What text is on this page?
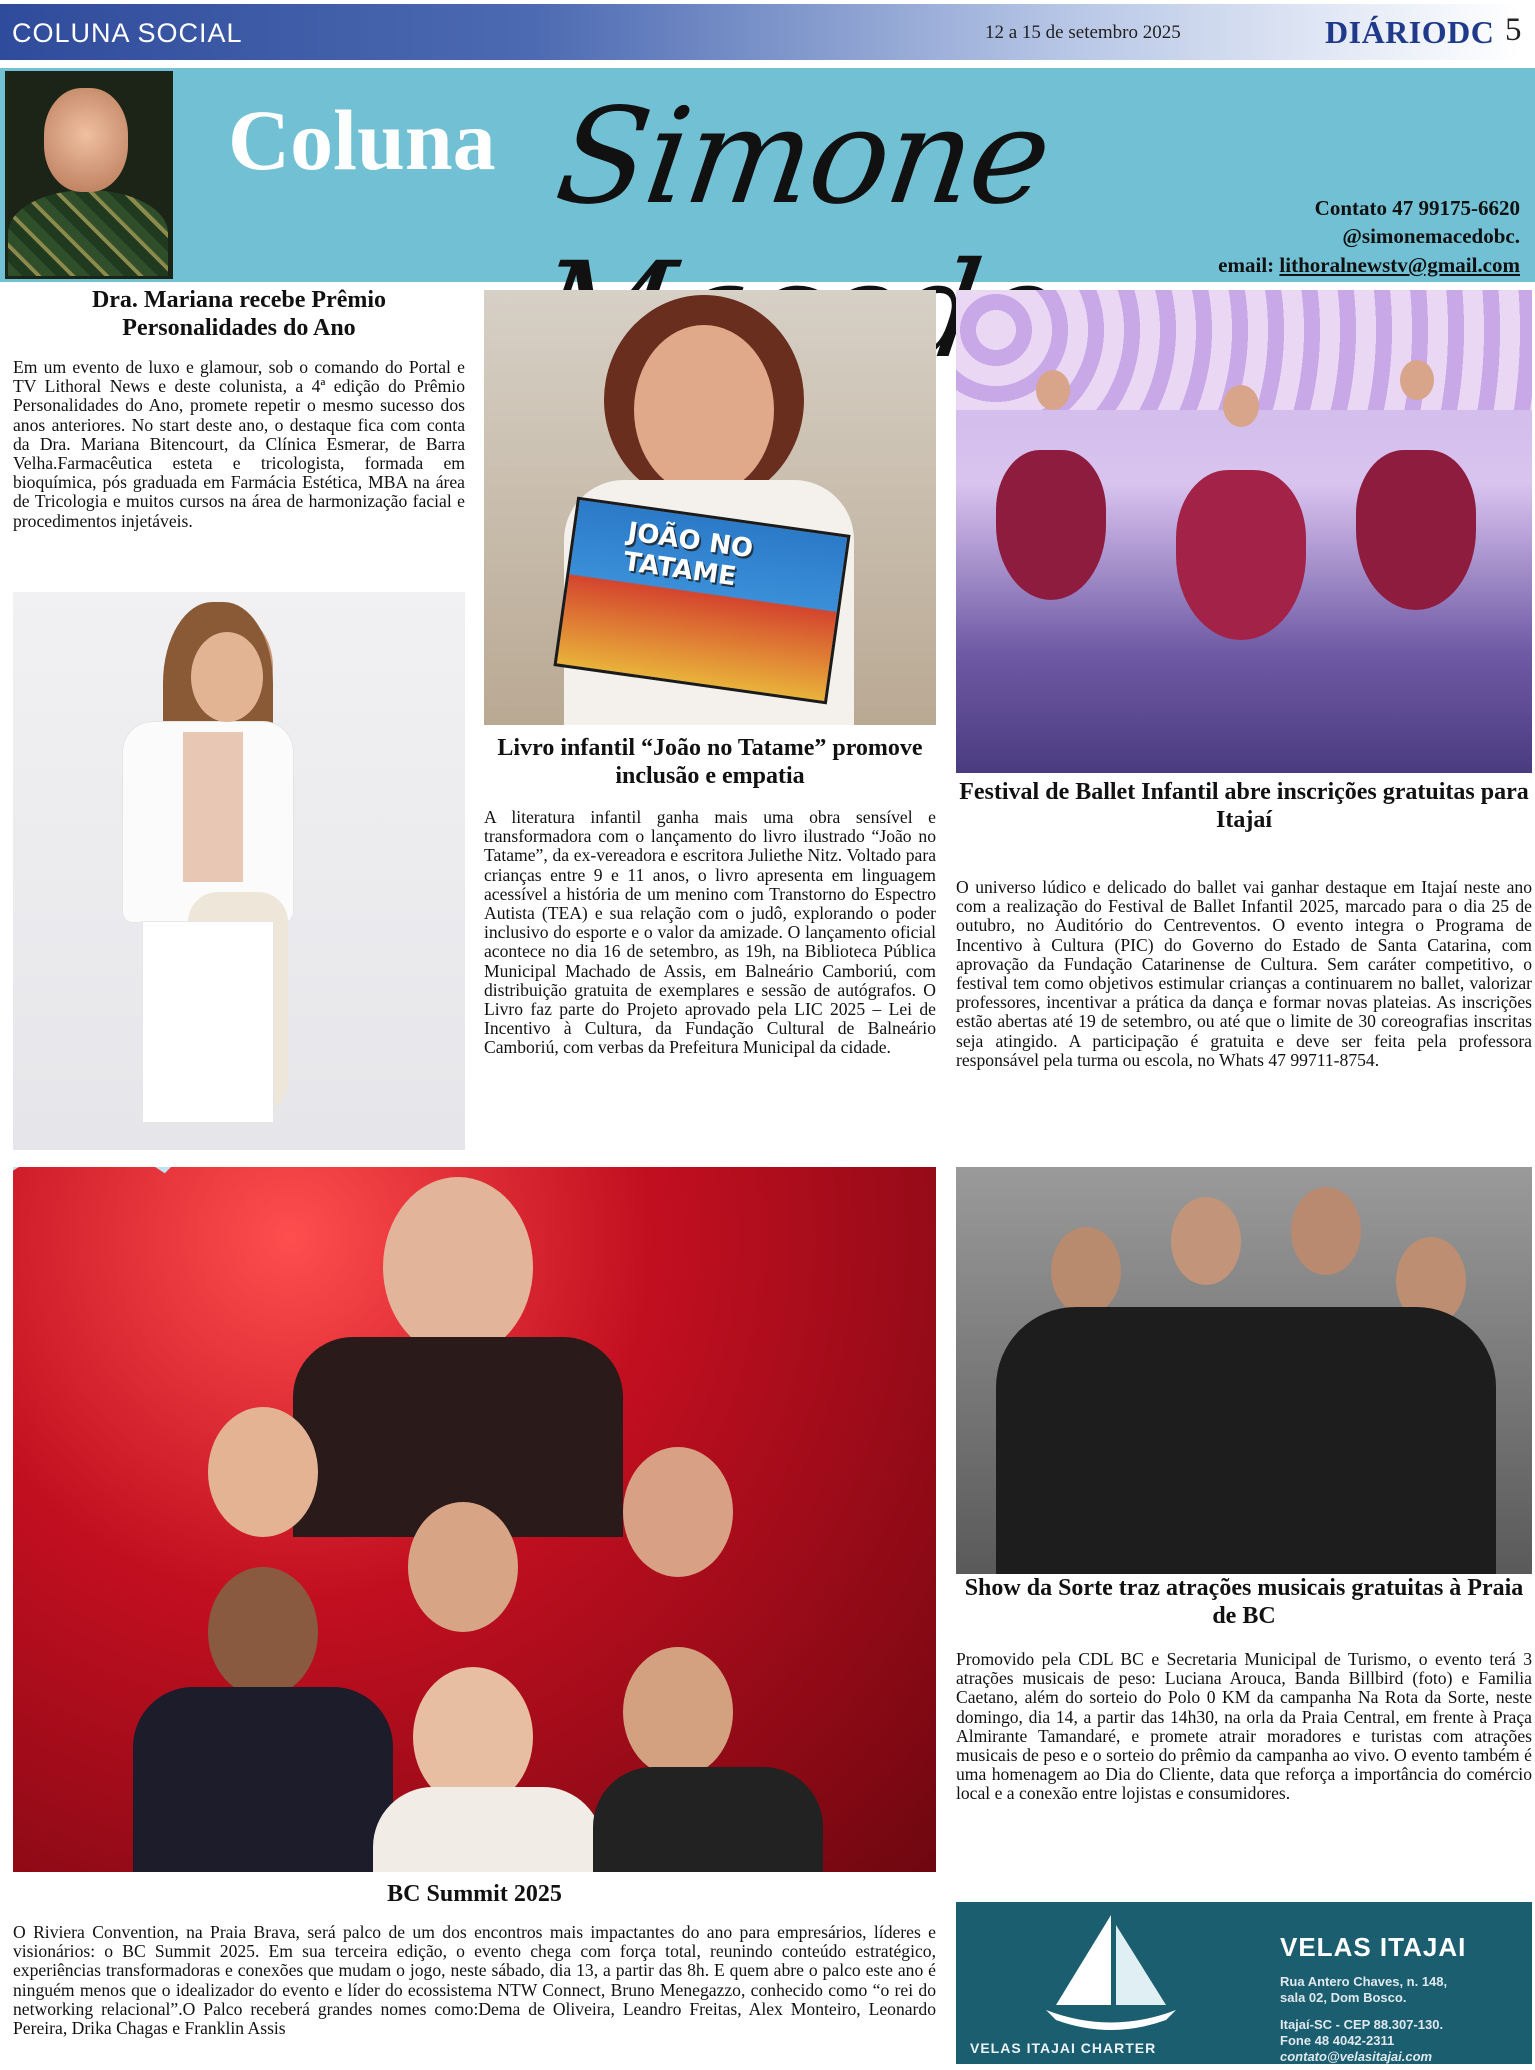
COLUNA SOCIAL	12 a 15 de setembro 2025	DIÁRIODC 5
Coluna Simone	Contato 47 99175-6620
@simonemacedobc.
email: lithoralnewstv@gmail.com
Dra. Mariana recebe Prêmio Personalidades do Ano
Em um evento de luxo e glamour, sob o comando do Portal e TV Lithoral News e deste colunista, a 4ª edição do Prêmio Personalidades do Ano, promete repetir o mesmo sucesso dos anos anteriores. No start deste ano, o destaque fica com conta da Dra. Mariana Bitencourt, da Clínica Esmerar, de Barra Velha.Farmacêutica esteta e tricologista, formada em bioquímica, pós graduada em Farmácia Estética, MBA na área de Tricologia e muitos cursos na área de harmonização facial e procedimentos injetáveis.	JOÃO NO TATAME
Livro infantil “João no Tatame” promove inclusão e empatia
A literatura infantil ganha mais uma obra sensível e transformadora com o lançamento do livro ilustrado “João no Tatame”, da ex-vereadora e escritora Juliethe Nitz. Voltado para crianças entre 9 e 11 anos, o livro apresenta em linguagem acessível a história de um menino com Transtorno do Espectro Autista (TEA) e sua relação com o judô, explorando o poder inclusivo do esporte e o valor da amizade. O lançamento oficial acontece no dia 16 de setembro, as 19h, na Biblioteca Pública Municipal Machado de Assis, em Balneário Camboriú, com distribuição gratuita de exemplares e sessão de autógrafos. O Livro faz parte do Projeto aprovado pela LIC 2025 – Lei de Incentivo à Cultura, da Fundação Cultural de Balneário Camboriú, com verbas da Prefeitura Municipal da cidade.
Festival de Ballet Infantil abre inscrições gratuitas para Itajaí
O universo lúdico e delicado do ballet vai ganhar destaque em Itajaí neste ano com a realização do Festival de Ballet Infantil 2025, marcado para o dia 25 de outubro, no Auditório do Centreventos. O evento integra o Programa de Incentivo à Cultura (PIC) do Governo do Estado de Santa Catarina, com aprovação da Fundação Catarinense de Cultura. Sem caráter competitivo, o festival tem como objetivos estimular crianças a continuarem no ballet, valorizar professores, incentivar a prática da dança e formar novas plateias. As inscrições estão abertas até 19 de setembro, ou até que o limite de 30 coreografias inscritas seja atingido. A participação é gratuita e deve ser feita pela professora responsável pela turma ou escola, no Whats 47 99711-8754.
BC Summit 2025
O Riviera Convention, na Praia Brava, será palco de um dos encontros mais impactantes do ano para empresários, líderes e visionários: o BC Summit 2025. Em sua terceira edição, o evento chega com força total, reunindo conteúdo estratégico, experiências transformadoras e conexões que mudam o jogo, neste sábado, dia 13, a partir das 8h. E quem abre o palco este ano é ninguém menos que o idealizador do evento e líder do ecossistema NTW Connect, Bruno Menegazzo, conhecido como “o rei do networking relacional”.O Palco receberá grandes nomes como:Dema de Oliveira, Leandro Freitas, Alex Monteiro, Leonardo Pereira, Drika Chagas e Franklin Assis
Show da Sorte traz atrações musicais gratuitas à Praia de BC
Promovido pela CDL BC e Secretaria Municipal de Turismo, o evento terá 3 atrações musicais de peso: Luciana Arouca, Banda Billbird (foto) e Familia Caetano, além do sorteio do Polo 0 KM da campanha Na Rota da Sorte, neste domingo, dia 14, a partir das 14h30, na orla da Praia Central, em frente à Praça Almirante Tamandaré, e promete atrair moradores e turistas com atrações musicais de peso e o sorteio do prêmio da campanha ao vivo. O evento também é uma homenagem ao Dia do Cliente, data que reforça a importância do comércio local e a conexão entre lojistas e consumidores.
VELAS ITAJAI
Rua Antero Chaves, n. 148,
sala 02, Dom Bosco.
Itajaí-SC - CEP 88.307-130.
Fone 48 4042-2311
contato@velasitajai.com
VELAS ITAJAI CHARTER
